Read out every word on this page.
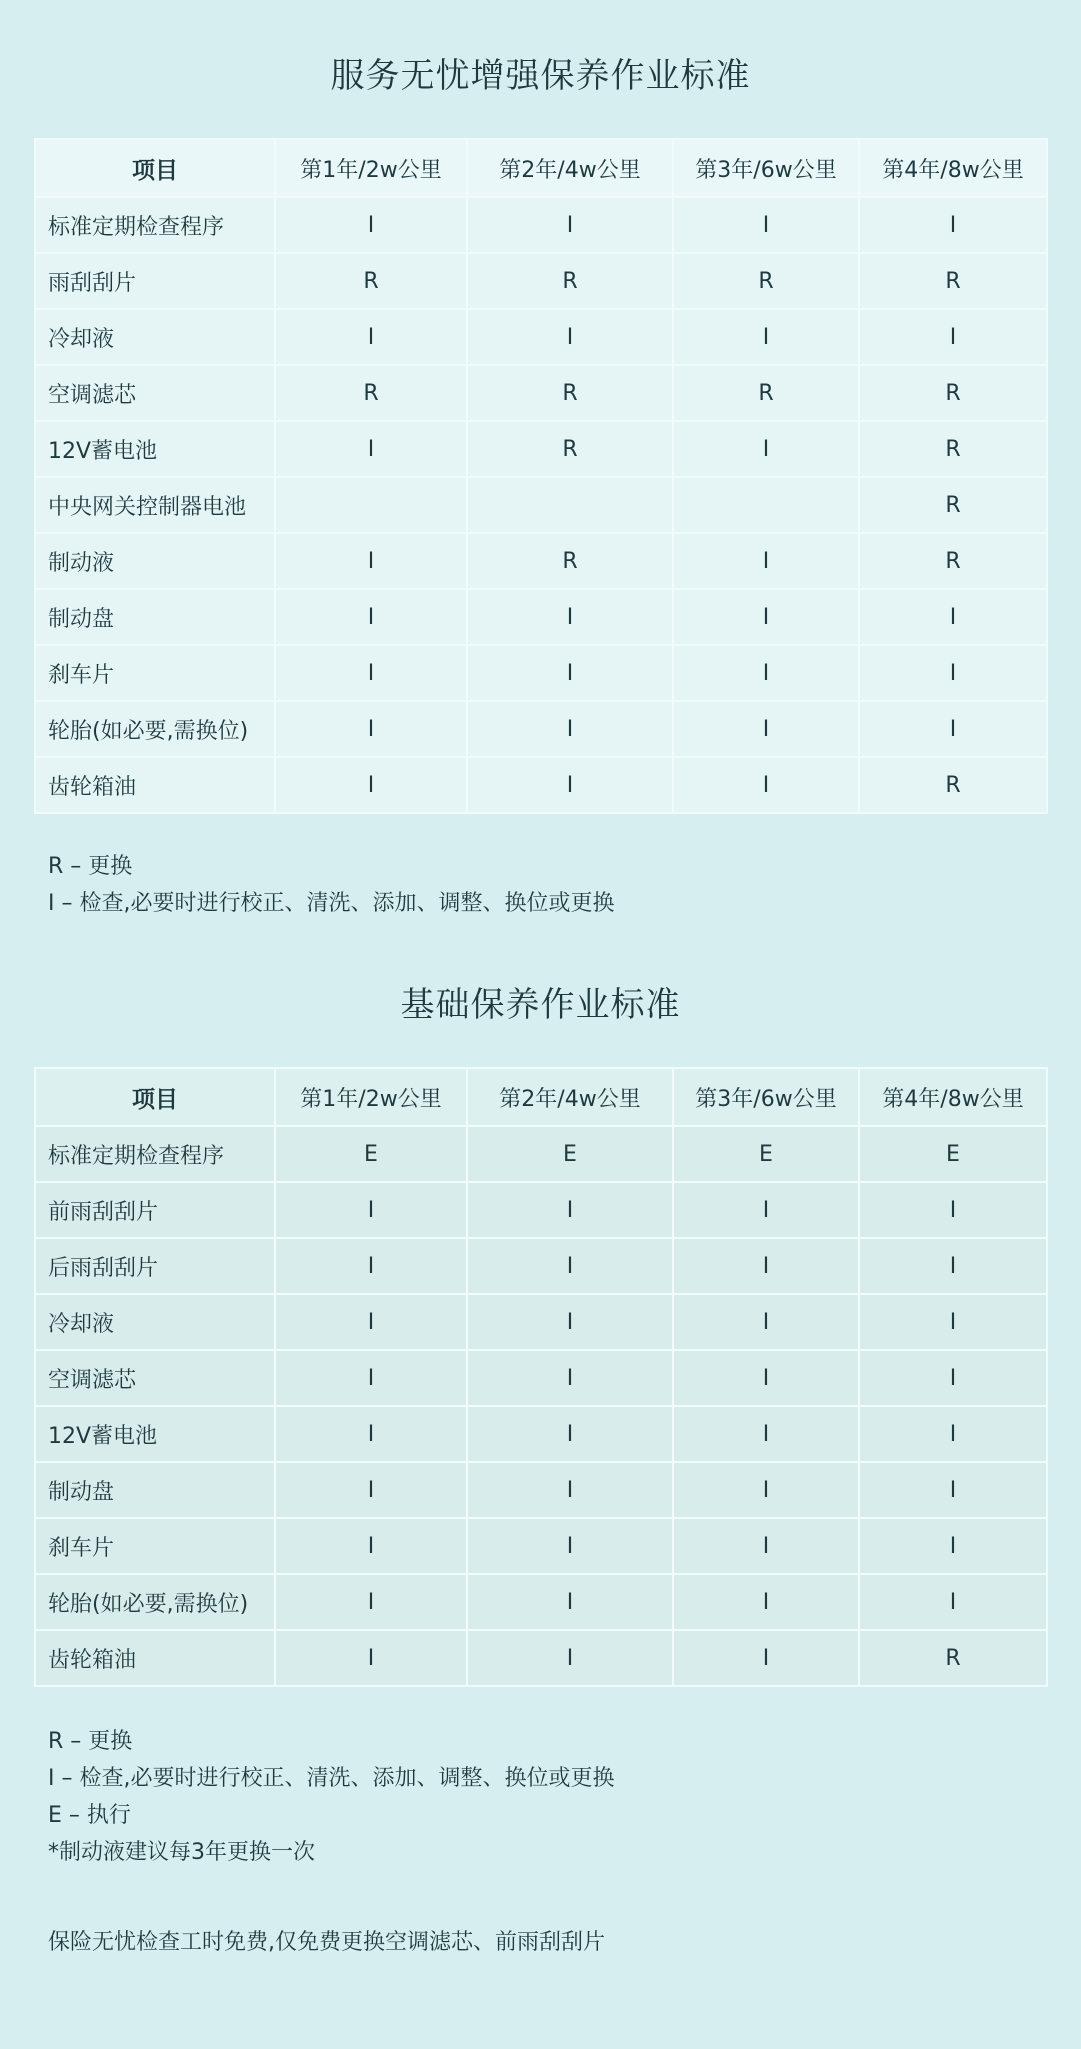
服务无忧增强保养作业标准
项目	第1年/2w公里	第2年/4w公里	第3年/6w公里	第4年/8w公里
标准定期检查程序	I	I	I	I
雨刮刮片	R	R	R	R
冷却液	I	I	I	I
空调滤芯	R	R	R	R
12V蓄电池	I	R	I	R
中央网关控制器电池				R
制动液	I	R	I	R
制动盘	I	I	I	I
刹车片	I	I	I	I
轮胎(如必要,需换位)	I	I	I	I
齿轮箱油	I	I	I	R
R – 更换
I – 检查,必要时进行校正、清洗、添加、调整、换位或更换
基础保养作业标准
项目	第1年/2w公里	第2年/4w公里	第3年/6w公里	第4年/8w公里
标准定期检查程序	E	E	E	E
前雨刮刮片	I	I	I	I
后雨刮刮片	I	I	I	I
冷却液	I	I	I	I
空调滤芯	I	I	I	I
12V蓄电池	I	I	I	I
制动盘	I	I	I	I
刹车片	I	I	I	I
轮胎(如必要,需换位)	I	I	I	I
齿轮箱油	I	I	I	R
R – 更换
I – 检查,必要时进行校正、清洗、添加、调整、换位或更换
E – 执行
*制动液建议每3年更换一次
保险无忧检查工时免费,仅免费更换空调滤芯、前雨刮刮片
